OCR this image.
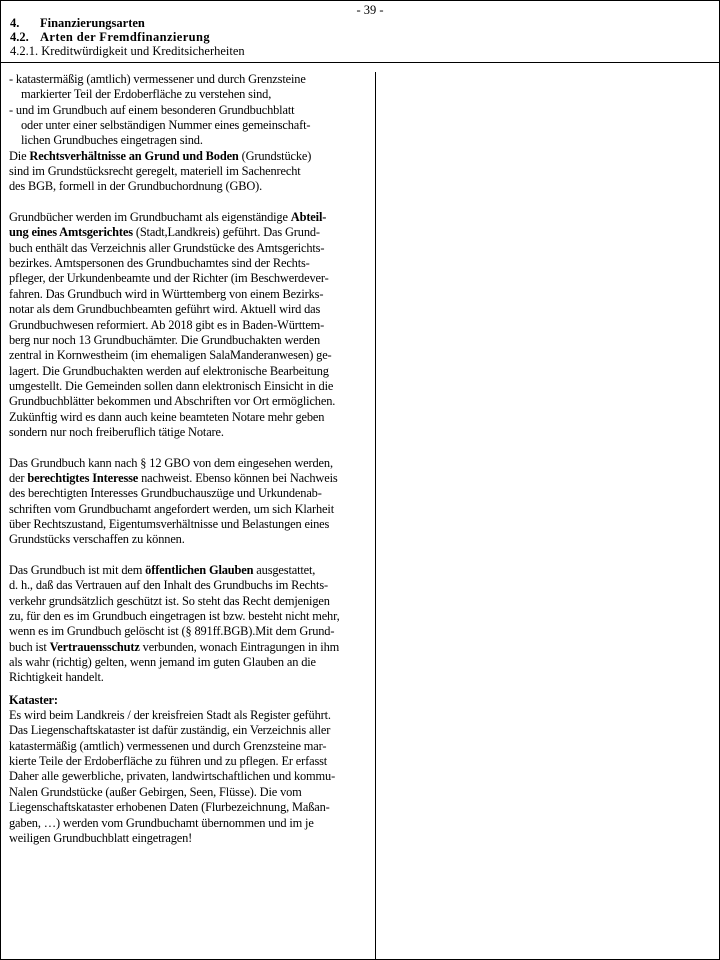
- 39 -
4. Finanzierungsarten
4.2. Arten der Fremdfinanzierung
4.2.1. Kreditwürdigkeit und Kreditsicherheiten
- katastermäßig (amtlich) vermessener und durch Grenzsteine
markierter Teil der Erdoberfläche zu verstehen sind,
- und im Grundbuch auf einem besonderen Grundbuchblatt
oder unter einer selbständigen Nummer eines gemeinschaft-
lichen Grundbuches eingetragen sind.
Die Rechtsverhältnisse an Grund und Boden (Grundstücke)
sind im Grundstücksrecht geregelt, materiell im Sachenrecht
des BGB, formell in der Grundbuchordnung (GBO).
Grundbücher werden im Grundbuchamt als eigenständige Abteil-
ung eines Amtsgerichtes (Stadt,Landkreis) geführt. Das Grund-
buch enthält das Verzeichnis aller Grundstücke des Amtsgerichts-
bezirkes. Amtspersonen des Grundbuchamtes sind der Rechts-
pfleger, der Urkundenbeamte und der Richter (im Beschwerdever-
fahren. Das Grundbuch wird in Württemberg von einem Bezirks-
notar als dem Grundbuchbeamten geführt wird. Aktuell wird das
Grundbuchwesen reformiert. Ab 2018 gibt es in Baden-Württem-
berg nur noch 13 Grundbuchämter. Die Grundbuchakten werden
zentral in Kornwestheim (im ehemaligen SalaManderanwesen) ge-
lagert. Die Grundbuchakten werden auf elektronische Bearbeitung
umgestellt. Die Gemeinden sollen dann elektronisch Einsicht in die
Grundbuchblätter bekommen und Abschriften vor Ort ermöglichen.
Zukünftig wird es dann auch keine beamteten Notare mehr geben
sondern nur noch freiberuflich tätige Notare.
Das Grundbuch kann nach § 12 GBO von dem eingesehen werden,
der berechtigtes Interesse nachweist. Ebenso können bei Nachweis
des berechtigten Interesses Grundbuchauszüge und Urkundenab-
schriften vom Grundbuchamt angefordert werden, um sich Klarheit
über Rechtszustand, Eigentumsverhältnisse und Belastungen eines
Grundstücks verschaffen zu können.
Das Grundbuch ist mit dem öffentlichen Glauben ausgestattet,
d. h., daß das Vertrauen auf den Inhalt des Grundbuchs im Rechts-
verkehr grundsätzlich geschützt ist. So steht das Recht demjenigen
zu, für den es im Grundbuch eingetragen ist bzw. besteht nicht mehr,
wenn es im Grundbuch gelöscht ist (§ 891ff.BGB).Mit dem Grund-
buch ist Vertrauensschutz verbunden, wonach Eintragungen in ihm
als wahr (richtig) gelten, wenn jemand im guten Glauben an die
Richtigkeit handelt.
Kataster:
Es wird beim Landkreis / der kreisfreien Stadt als Register geführt.
Das Liegenschaftskataster ist dafür zuständig, ein Verzeichnis aller
katastermäßig (amtlich) vermessenen und durch Grenzsteine mar-
kierte Teile der Erdoberfläche zu führen und zu pflegen. Er erfasst
Daher alle gewerbliche, privaten, landwirtschaftlichen und kommu-
Nalen Grundstücke (außer Gebirgen, Seen, Flüsse). Die vom
Liegenschaftskataster erhobenen Daten (Flurbezeichnung, Maßan-
gaben, …) werden vom Grundbuchamt übernommen und im je
weiligen Grundbuchblatt eingetragen!
